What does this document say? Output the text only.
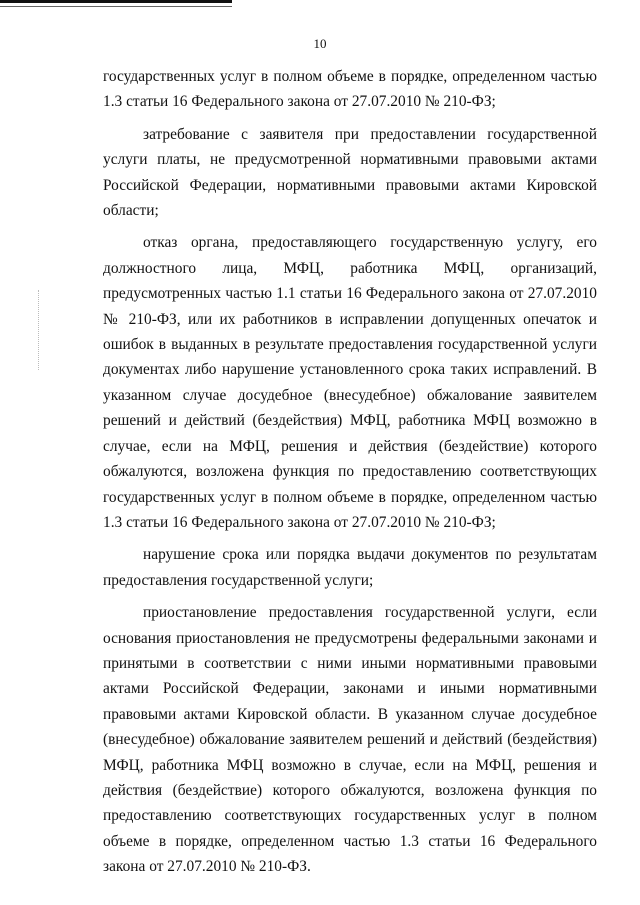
10

государственных услуг в полном объеме в порядке, определенном частью 1.3 статьи 16 Федерального закона от 27.07.2010 № 210-ФЗ;

затребование с заявителя при предоставлении государственной услуги платы, не предусмотренной нормативными правовыми актами Российской Федерации, нормативными правовыми актами Кировской области;

отказ органа, предоставляющего государственную услугу, его должностного лица, МФЦ, работника МФЦ, организаций, предусмотренных частью 1.1 статьи 16 Федерального закона от 27.07.2010 № 210-ФЗ, или их работников в исправлении допущенных опечаток и ошибок в выданных в результате предоставления государственной услуги документах либо нарушение установленного срока таких исправлений. В указанном случае досудебное (внесудебное) обжалование заявителем решений и действий (бездействия) МФЦ, работника МФЦ возможно в случае, если на МФЦ, решения и действия (бездействие) которого обжалуются, возложена функция по предоставлению соответствующих государственных услуг в полном объеме в порядке, определенном частью 1.3 статьи 16 Федерального закона от 27.07.2010 № 210-ФЗ;

нарушение срока или порядка выдачи документов по результатам предоставления государственной услуги;

приостановление предоставления государственной услуги, если основания приостановления не предусмотрены федеральными законами и принятыми в соответствии с ними иными нормативными правовыми актами Российской Федерации, законами и иными нормативными правовыми актами Кировской области. В указанном случае досудебное (внесудебное) обжалование заявителем решений и действий (бездействия) МФЦ, работника МФЦ возможно в случае, если на МФЦ, решения и действия (бездействие) которого обжалуются, возложена функция по предоставлению соответствующих государственных услуг в полном объеме в порядке, определенном частью 1.3 статьи 16 Федерального закона от 27.07.2010 № 210-ФЗ.
